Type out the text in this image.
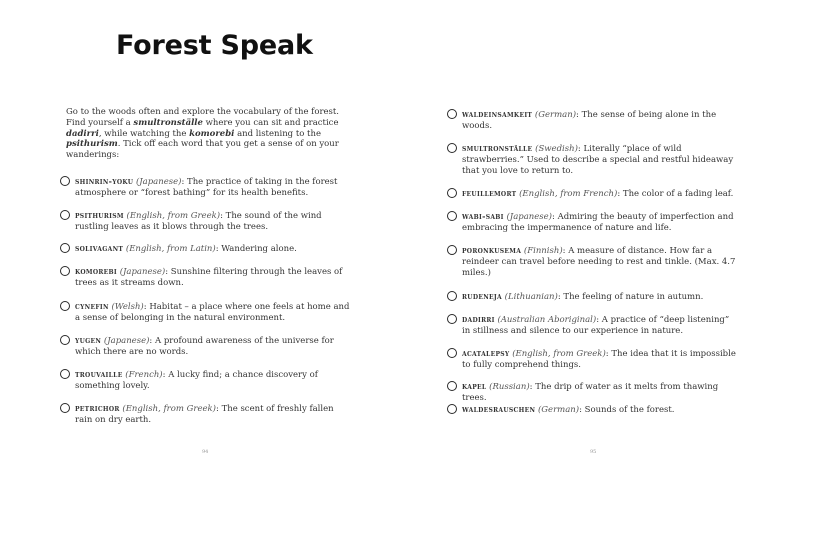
Forest Speak

Go to the woods often and explore the vocabulary of the forest. Find yourself a smultronställe where you can sit and practice dadirri, while watching the komorebi and listening to the psithurism. Tick off each word that you get a sense of on your wanderings:

shinrin-yoku (Japanese): The practice of taking in the forest atmosphere or “forest bathing” for its health benefits.
psithurism (English, from Greek): The sound of the wind rustling leaves as it blows through the trees.
solivagant (English, from Latin): Wandering alone.
komorebi (Japanese): Sunshine filtering through the leaves of trees as it streams down.
cynefin (Welsh): Habitat – a place where one feels at home and a sense of belonging in the natural environment.
yugen (Japanese): A profound awareness of the universe for which there are no words.
trouvaille (French): A lucky find; a chance discovery of something lovely.
petrichor (English, from Greek): The scent of freshly fallen rain on dry earth.
94	95
waldeinsamkeit (German): The sense of being alone in the woods.
smultronställe (Swedish): Literally “place of wild strawberries.” Used to describe a special and restful hideaway that you love to return to.
feuillemort (English, from French): The color of a fading leaf.
wabi-sabi (Japanese): Admiring the beauty of imperfection and embracing the impermanence of nature and life.
poronkusema (Finnish): A measure of distance. How far a reindeer can travel before needing to rest and tinkle. (Max. 4.7 miles.)
rudeneja (Lithuanian): The feeling of nature in autumn.
dadirri (Australian Aboriginal): A practice of “deep listening” in stillness and silence to our experience in nature.
acatalepsy (English, from Greek): The idea that it is impossible to fully comprehend things.
kapel (Russian): The drip of water as it melts from thawing trees.
waldesrauschen (German): Sounds of the forest.
